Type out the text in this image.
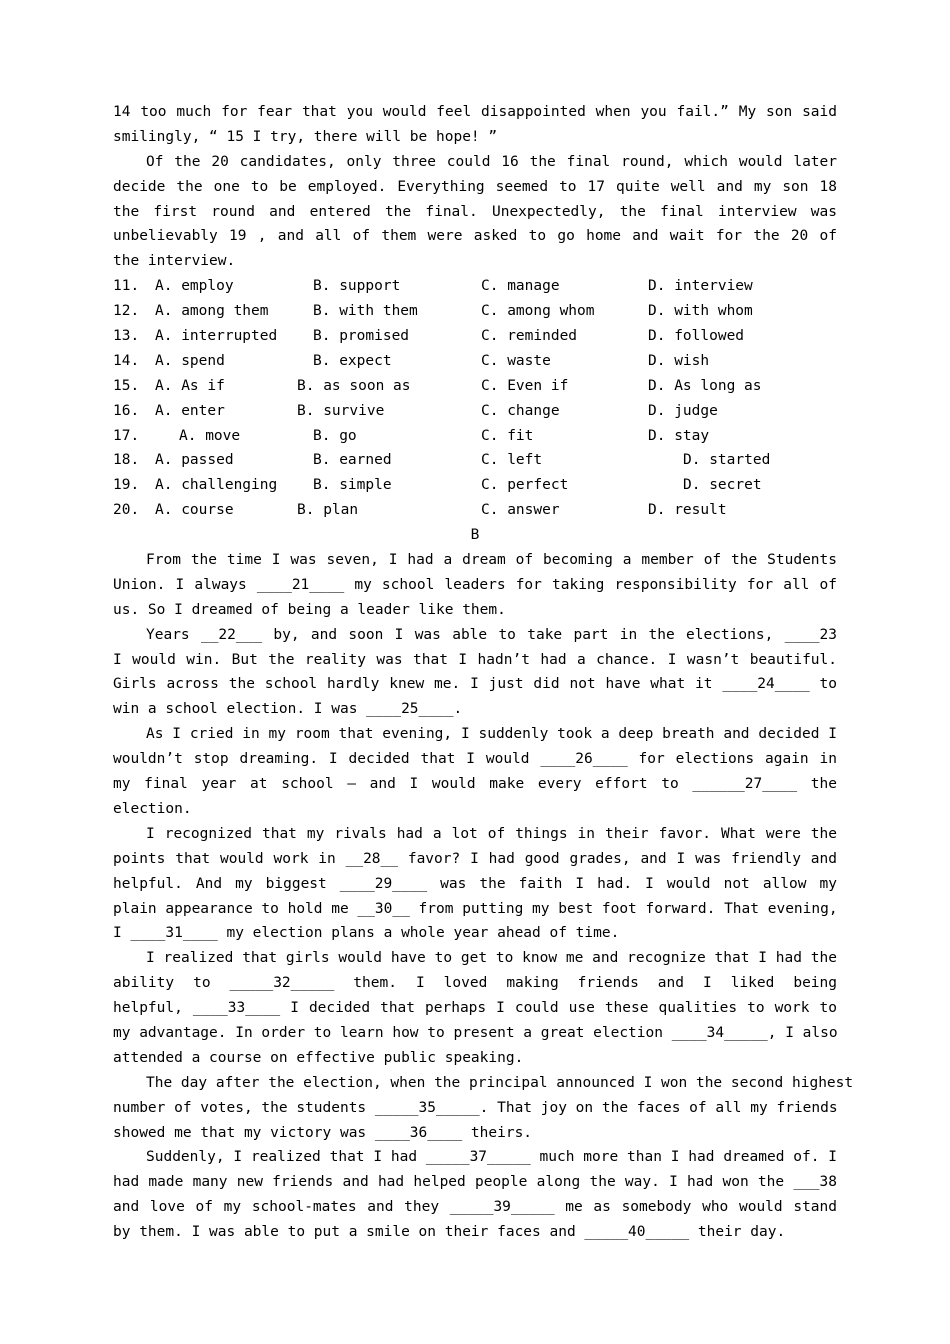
14 too much for fear that you would feel disappointed when you fail.” My son said
smilingly, “ 15 I try, there will be hope! ”
Of the 20 candidates, only three could 16 the final round, which would later
decide the one to be employed. Everything seemed to 17 quite well and my son 18
the first round and entered the final. Unexpectedly, the final interview was
unbelievably 19 , and all of them were asked to go home and wait for the 20 of
the interview.
11. A. employ	B. support	C. manage	D. interview
12. A. among them	B. with them	C. among whom	D. with whom
13. A. interrupted B. promised	C. reminded	D. followed
14. A. spend	B. expect	C. waste	D. wish
15. A. As if	B. as soon as	C. Even if	D. As long as
16. A. enter	B. survive	C. change	D. judge
17.	A. move	B. go	C. fit	D. stay
18. A. passed	B. earned	C. left	D. started
19. A. challenging B. simple	C. perfect	D. secret
20. A. course	B. plan	C. answer	D. result
B
From the time I was seven, I had a dream of becoming a member of the Students
Union. I always ____21____ my school leaders for taking responsibility for all of
us. So I dreamed of being a leader like them.
Years __22___ by, and soon I was able to take part in the elections, ____23
I would win. But the reality was that I hadn’t had a chance. I wasn’t beautiful.
Girls across the school hardly knew me. I just did not have what it ____24____ to
win a school election. I was ____25____.
As I cried in my room that evening, I suddenly took a deep breath and decided I
wouldn’t stop dreaming. I decided that I would ____26____ for elections again in
my final year at school — and I would make every effort to ______27____ the
election.
I recognized that my rivals had a lot of things in their favor. What were the
points that would work in __28__ favor? I had good grades, and I was friendly and
helpful. And my biggest ____29____ was the faith I had. I would not allow my
plain appearance to hold me __30__ from putting my best foot forward. That evening,
I ____31____ my election plans a whole year ahead of time.
I realized that girls would have to get to know me and recognize that I had the
ability to _____32_____ them. I loved making friends and I liked being
helpful, ____33____ I decided that perhaps I could use these qualities to work to
my advantage. In order to learn how to present a great election ____34_____, I also
attended a course on effective public speaking.
The day after the election, when the principal announced I won the second highest
number of votes, the students _____35_____. That joy on the faces of all my friends
showed me that my victory was ____36____ theirs.
Suddenly, I realized that I had _____37_____ much more than I had dreamed of. I
had made many new friends and had helped people along the way. I had won the ___38
and love of my school-mates and they _____39_____ me as somebody who would stand
by them. I was able to put a smile on their faces and _____40_____ their day.
